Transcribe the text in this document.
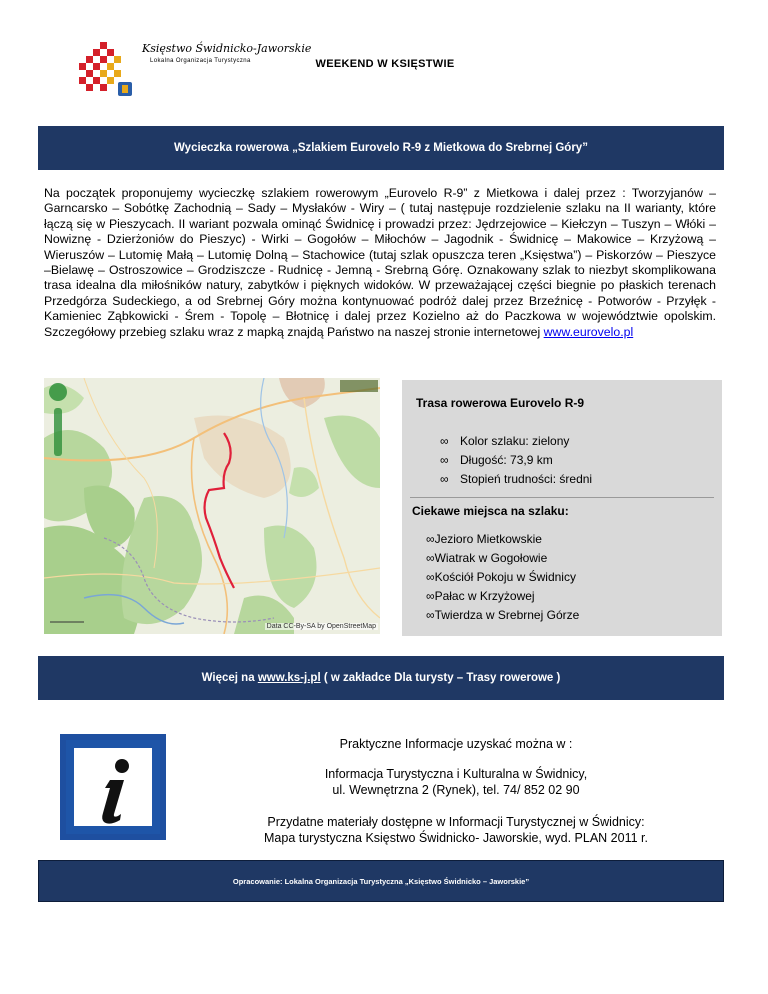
Księstwo Świdnicko-Jaworskie
Lokalna Organizacja Turystyczna	WEEKEND W KSIĘSTWIE
Wycieczka rowerowa „Szlakiem Eurovelo R-9 z Mietkowa do Srebrnej Góry”
Na początek proponujemy wycieczkę szlakiem rowerowym „Eurovelo R-9” z Mietkowa i dalej przez : Tworzyjanów – Garncarsko – Sobótkę Zachodnią – Sady – Mysłaków - Wiry – ( tutaj następuje rozdzielenie szlaku na II warianty, które łączą się w Pieszycach. II wariant pozwala ominąć Świdnicę i prowadzi przez: Jędrzejowice – Kiełczyn – Tuszyn – Włóki – Nowiznę - Dzierżoniów do Pieszyc) - Wirki – Gogołów – Miłochów – Jagodnik - Świdnicę – Makowice – Krzyżową – Wieruszów – Lutomię Małą – Lutomię Dolną – Stachowice (tutaj szlak opuszcza teren „Księstwa”) – Piskorzów – Pieszyce –Bielawę – Ostroszowice – Grodziszcze - Rudnicę - Jemną - Srebrną Górę. Oznakowany szlak to niezbyt skomplikowana trasa idealna dla miłośników natury, zabytków i pięknych widoków. W przeważającej części biegnie po płaskich terenach Przedgórza Sudeckiego, a od Srebrnej Góry można kontynuować podróż dalej przez Brzeźnicę - Potworów - Przyłęk - Kamieniec Ząbkowicki - Śrem - Topolę – Błotnicę i dalej przez Kozielno aż do Paczkowa w województwie opolskim. Szczegółowy przebieg szlaku wraz z mapką znajdą Państwo na naszej stronie internetowej www.eurovelo.pl
Data CC-By-SA by OpenStreetMap
Trasa rowerowa Eurovelo R-9
∞ Kolor szlaku: zielony
∞ Długość: 73,9 km
∞ Stopień trudności: średni
Ciekawe miejsca na szlaku:
∞Jezioro Mietkowskie
∞Wiatrak w Gogołowie
∞Kościół Pokoju w Świdnicy
∞Pałac w Krzyżowej
∞Twierdza w Srebrnej Górze
Więcej na www.ks-j.pl ( w zakładce Dla turysty – Trasy rowerowe )

Praktyczne Informacje uzyskać można w :

Informacja Turystyczna i Kulturalna w Świdnicy,

ul. Wewnętrzna 2 (Rynek), tel. 74/ 852 02 90

Przydatne materiały dostępne w Informacji Turystycznej w Świdnicy:

Mapa turystyczna Księstwo Świdnicko- Jaworskie, wyd. PLAN 2011 r.

Opracowanie: Lokalna Organizacja Turystyczna „Księstwo Świdnicko – Jaworskie”
